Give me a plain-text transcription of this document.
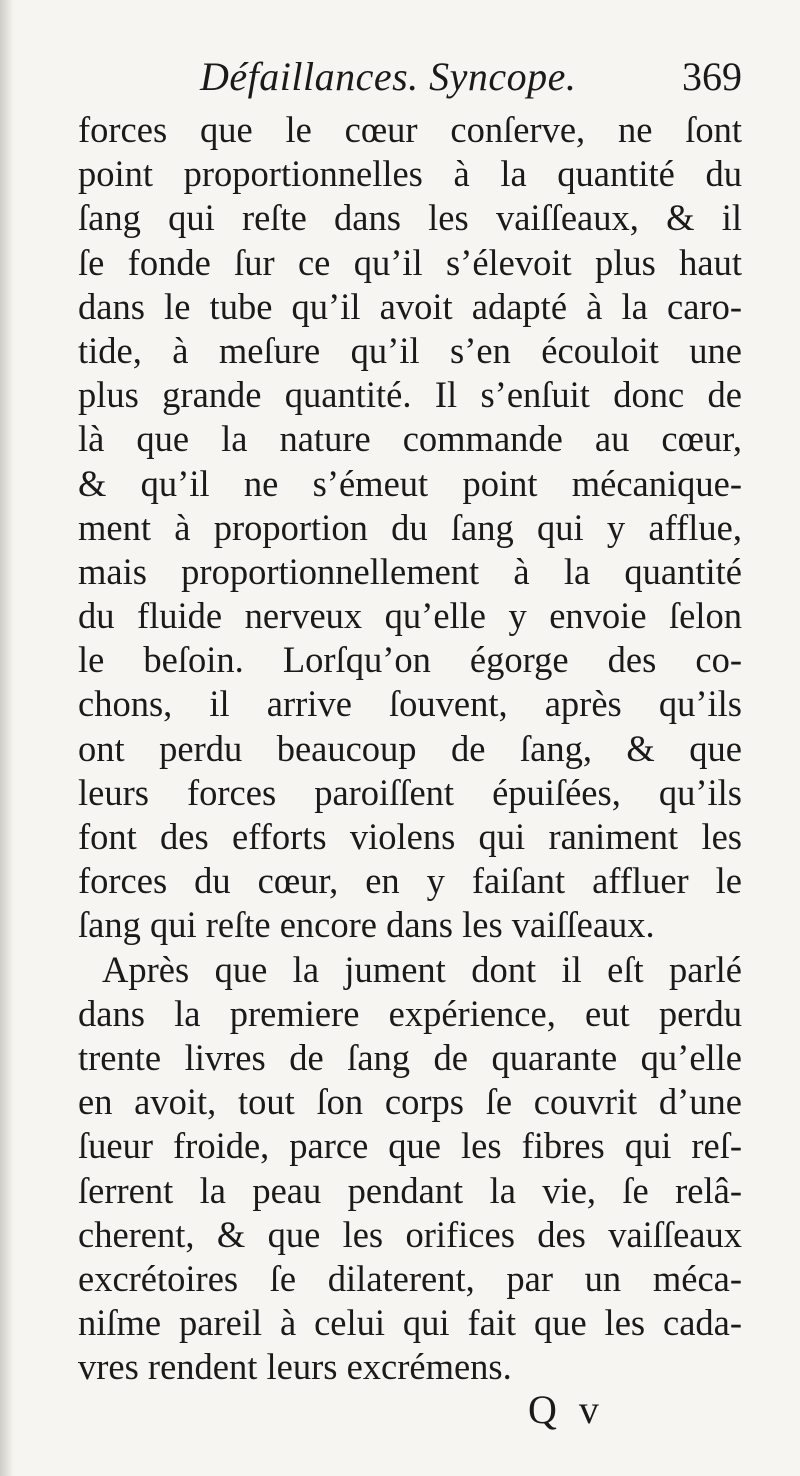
Défaillances. Syncope.	369
forces que le cœur conſerve, ne ſont
point proportionnelles à la quantité du
ſang qui reſte dans les vaiſſeaux, & il
ſe fonde ſur ce qu’il s’élevoit plus haut
dans le tube qu’il avoit adapté à la caro-
tide, à meſure qu’il s’en écouloit une
plus grande quantité. Il s’enſuit donc de
là que la nature commande au cœur,
& qu’il ne s’émeut point mécanique-
ment à proportion du ſang qui y afflue,
mais proportionnellement à la quantité
du fluide nerveux qu’elle y envoie ſelon
le beſoin. Lorſqu’on égorge des co-
chons, il arrive ſouvent, après qu’ils
ont perdu beaucoup de ſang, & que
leurs forces paroiſſent épuiſées, qu’ils
font des efforts violens qui raniment les
forces du cœur, en y faiſant affluer le
ſang qui reſte encore dans les vaiſſeaux.
Après que la jument dont il eſt parlé
dans la premiere expérience, eut perdu
trente livres de ſang de quarante qu’elle
en avoit, tout ſon corps ſe couvrit d’une
ſueur froide, parce que les fibres qui reſ-
ſerrent la peau pendant la vie, ſe relâ-
cherent, & que les orifices des vaiſſeaux
excrétoires ſe dilaterent, par un méca-
niſme pareil à celui qui fait que les cada-
vres rendent leurs excrémens.
Q v
